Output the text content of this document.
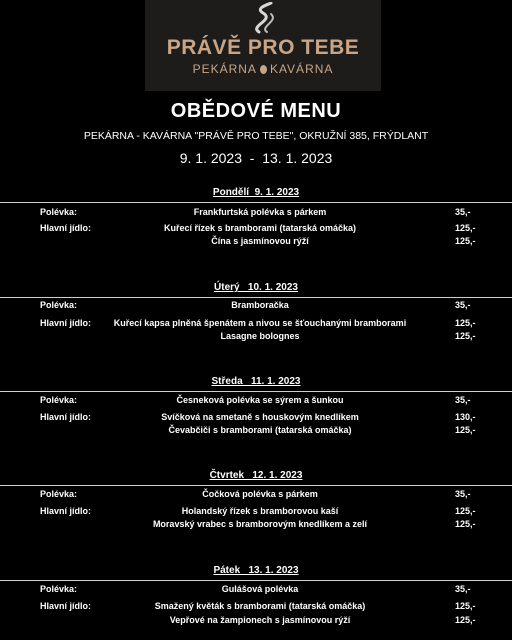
PRÁVĚ PRO TEBE
PEKÁRNA KAVÁRNA
OBĚDOVÉ MENU
PEKÁRNA - KAVÁRNA "PRÁVĚ PRO TEBE", OKRUŽNÍ 385, FRÝDLANT
9. 1. 2023  -  13. 1. 2023
Pondělí  9. 1. 2023
Polévka:	Frankfurtská polévka s párkem	35,-
Hlavní jídlo:	Kuřecí řízek s bramborami (tatarská omáčka)	125,-
Čína s jasmínovou rýží	125,-
Úterý   10. 1. 2023
Polévka:	Bramboračka	35,-
Hlavní jídlo:	Kuřecí kapsa plněná špenátem a nivou se šťouchanými bramborami	125,-
Lasagne bolognes	125,-
Středa   11. 1. 2023
Polévka:	Česneková polévka se sýrem a šunkou	35,-
Hlavní jídlo:	Svíčková na smetaně s houskovým knedlíkem	130,-
Čevabčiči s bramborami (tatarská omáčka)	125,-
Čtvrtek   12. 1. 2023
Polévka:	Čočková polévka s párkem	35,-
Hlavní jídlo:	Holandský řízek s bramborovou kaší	125,-
Moravský vrabec s bramborovým knedlíkem a zelí	125,-
Pátek   13. 1. 2023
Polévka:	Gulášová polévka	35,-
Hlavní jídlo:	Smažený květák s bramborami (tatarská omáčka)	125,-
Vepřové na žampionech s jasmínovou rýží	125,-
